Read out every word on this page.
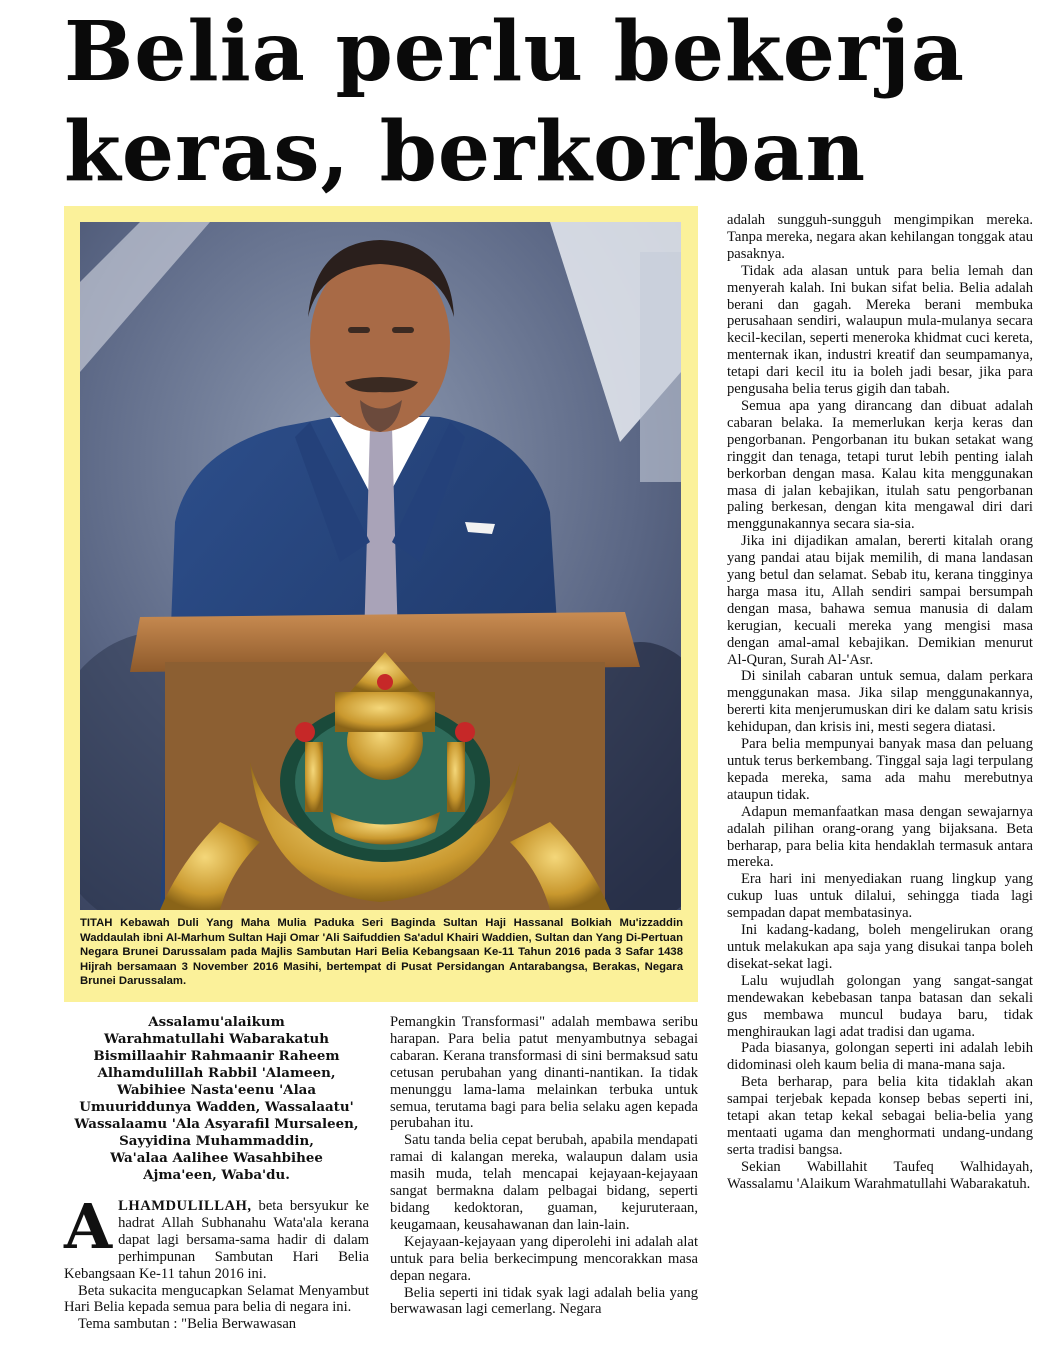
Belia perlu bekerja
keras, berkorban

TITAH Kebawah Duli Yang Maha Mulia Paduka Seri Baginda Sultan Haji Hassanal Bolkiah Mu'izzaddin Waddaulah ibni Al-Marhum Sultan Haji Omar 'Ali Saifuddien Sa'adul Khairi Waddien, Sultan dan Yang Di-Pertuan Negara Brunei Darussalam pada Majlis Sambutan Hari Belia Kebangsaan Ke-11 Tahun 2016 pada 3 Safar 1438 Hijrah bersamaan 3 November 2016 Masihi, bertempat di Pusat Persidangan Antarabangsa, Berakas, Negara Brunei Darussalam.

Assalamu'alaikum
Warahmatullahi Wabarakatuh
Bismillaahir Rahmaanir Raheem
Alhamdulillah Rabbil 'Alameen,
Wabihiee Nasta'eenu 'Alaa
Umuuriddunya Wadden, Wassalaatu'
Wassalaamu 'Ala Asyarafil Mursaleen,
Sayyidina Muhammaddin,
Wa'alaa Aalihee Wasahbihee
Ajma'een, Waba'du.

ALHAMDULILLAH, beta bersyukur ke hadrat Allah Subhanahu Wata'ala kerana dapat lagi bersama-sama hadir di dalam perhimpunan Sambutan Hari Belia Kebangsaan Ke-11 tahun 2016 ini.

Beta sukacita mengucapkan Selamat Menyambut Hari Belia kepada semua para belia di negara ini.

Tema sambutan : "Belia Berwawasan

Pemangkin Transformasi" adalah membawa seribu harapan. Para belia patut menyambutnya sebagai cabaran. Kerana transformasi di sini bermaksud satu cetusan perubahan yang dinanti-nantikan. Ia tidak menunggu lama-lama melainkan terbuka untuk semua, terutama bagi para belia selaku agen kepada perubahan itu.

Satu tanda belia cepat berubah, apabila mendapati ramai di kalangan mereka, walaupun dalam usia masih muda, telah mencapai kejayaan-kejayaan sangat bermakna dalam pelbagai bidang, seperti bidang kedoktoran, guaman, kejuruteraan, keugamaan, keusahawanan dan lain-lain.

Kejayaan-kejayaan yang diperolehi ini adalah alat untuk para belia berkecimpung mencorakkan masa depan negara.

Belia seperti ini tidak syak lagi adalah belia yang berwawasan lagi cemerlang. Negara

adalah sungguh-sungguh mengimpikan mereka. Tanpa mereka, negara akan kehilangan tonggak atau pasaknya.

Tidak ada alasan untuk para belia lemah dan menyerah kalah. Ini bukan sifat belia. Belia adalah berani dan gagah. Mereka berani membuka perusahaan sendiri, walaupun mula-mulanya secara kecil-kecilan, seperti meneroka khidmat cuci kereta, menternak ikan, industri kreatif dan seumpamanya, tetapi dari kecil itu ia boleh jadi besar, jika para pengusaha belia terus gigih dan tabah.

Semua apa yang dirancang dan dibuat adalah cabaran belaka. Ia memerlukan kerja keras dan pengorbanan. Pengorbanan itu bukan setakat wang ringgit dan tenaga, tetapi turut lebih penting ialah berkorban dengan masa. Kalau kita menggunakan masa di jalan kebajikan, itulah satu pengorbanan paling berkesan, dengan kita mengawal diri dari menggunakannya secara sia-sia.

Jika ini dijadikan amalan, bererti kitalah orang yang pandai atau bijak memilih, di mana landasan yang betul dan selamat. Sebab itu, kerana tingginya harga masa itu, Allah sendiri sampai bersumpah dengan masa, bahawa semua manusia di dalam kerugian, kecuali mereka yang mengisi masa dengan amal-amal kebajikan. Demikian menurut Al-Quran, Surah Al-'Asr.

Di sinilah cabaran untuk semua, dalam perkara menggunakan masa. Jika silap menggunakannya, bererti kita menjerumuskan diri ke dalam satu krisis kehidupan, dan krisis ini, mesti segera diatasi.

Para belia mempunyai banyak masa dan peluang untuk terus berkembang. Tinggal saja lagi terpulang kepada mereka, sama ada mahu merebutnya ataupun tidak.

Adapun memanfaatkan masa dengan sewajarnya adalah pilihan orang-orang yang bijaksana. Beta berharap, para belia kita hendaklah termasuk antara mereka.

Era hari ini menyediakan ruang lingkup yang cukup luas untuk dilalui, sehingga tiada lagi sempadan dapat membatasinya.

Ini kadang-kadang, boleh mengelirukan orang untuk melakukan apa saja yang disukai tanpa boleh disekat-sekat lagi.

Lalu wujudlah golongan yang sangat-sangat mendewakan kebebasan tanpa batasan dan sekali gus membawa muncul budaya baru, tidak menghiraukan lagi adat tradisi dan ugama.

Pada biasanya, golongan seperti ini adalah lebih didominasi oleh kaum belia di mana-mana saja.

Beta berharap, para belia kita tidaklah akan sampai terjebak kepada konsep bebas seperti ini, tetapi akan tetap kekal sebagai belia-belia yang mentaati ugama dan menghormati undang-undang serta tradisi bangsa.

Sekian Wabillahit Taufeq Walhidayah, Wassalamu 'Alaikum Warahmatullahi Wabarakatuh.
